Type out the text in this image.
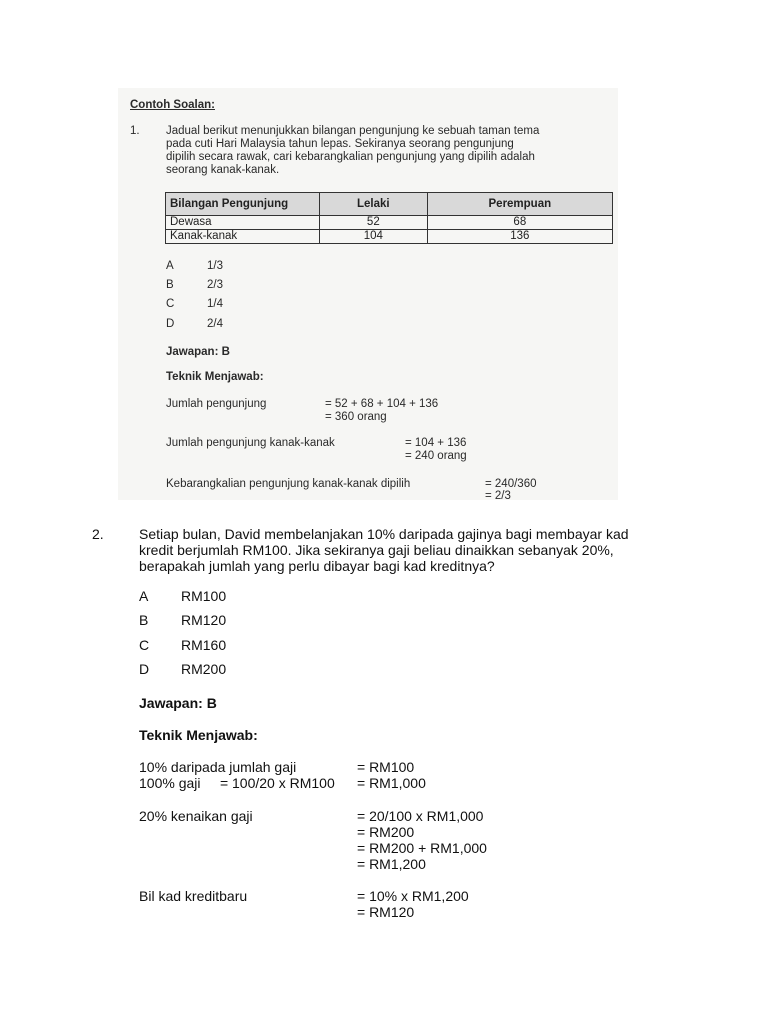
Contoh Soalan:
1. Jadual berikut menunjukkan bilangan pengunjung ke sebuah taman tema
pada cuti Hari Malaysia tahun lepas. Sekiranya seorang pengunjung
dipilih secara rawak, cari kebarangkalian pengunjung yang dipilih adalah
seorang kanak-kanak.
Bilangan Pengunjung	Lelaki	Perempuan
Dewasa	52	68
Kanak-kanak	104	136
A	1/3
B	2/3
C	1/4
D	2/4
Jawapan: B
Teknik Menjawab:
Jumlah pengunjung	= 52 + 68 + 104 + 136
= 360 orang
Jumlah pengunjung kanak-kanak	= 104 + 136
= 240 orang
Kebarangkalian pengunjung kanak-kanak dipilih	= 240/360
= 2/3
2.	Setiap bulan, David membelanjakan 10% daripada gajinya bagi membayar kad
kredit berjumlah RM100. Jika sekiranya gaji beliau dinaikkan sebanyak 20%,
berapakah jumlah yang perlu dibayar bagi kad kreditnya?
A RM100
B RM120
C RM160
D RM200
Jawapan: B
Teknik Menjawab:
10% daripada jumlah gaji	= RM100
100% gaji     = 100/20 x RM100 = RM1,000
20% kenaikan gaji	= 20/100 x RM1,000
= RM200
= RM200 + RM1,000
= RM1,200
Bil kad kreditbaru	= 10% x RM1,200
= RM120
